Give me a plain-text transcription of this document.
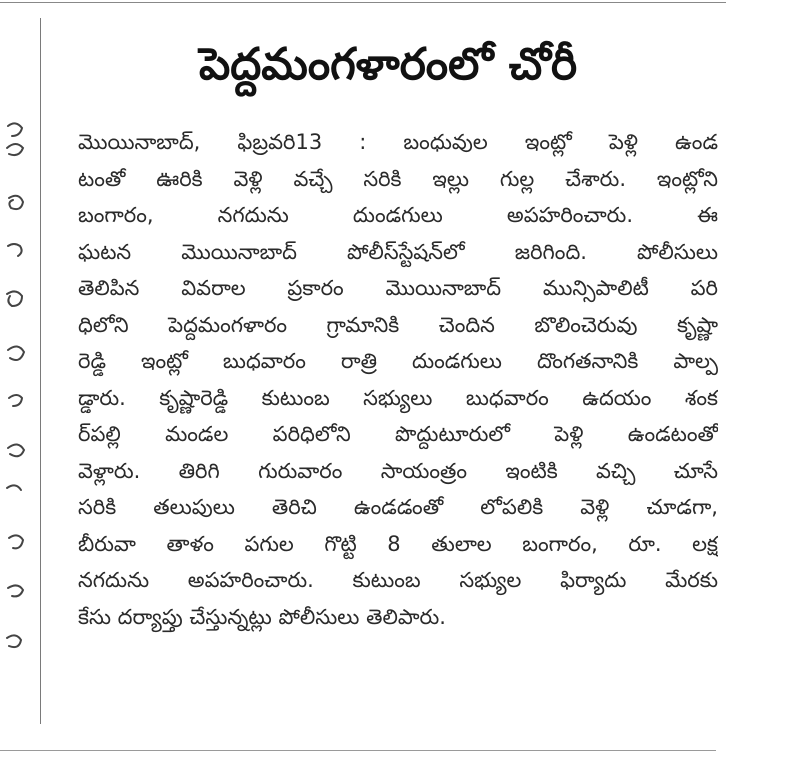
పెద్దమంగళారంలో చోరీ
మొయినాబాద్, ఫిబ్రవరి13 : బంధువుల ఇంట్లో పెళ్లి ఉండ
టంతో ఊరికి వెళ్లి వచ్చే సరికి ఇల్లు గుల్ల చేశారు. ఇంట్లోని
బంగారం, నగదును దుండగులు అపహరించారు. ఈ
ఘటన మొయినాబాద్ పోలీస్‌స్టేషన్‌లో జరిగింది. పోలీసులు
తెలిపిన వివరాల ప్రకారం మొయినాబాద్ మున్సిపాలిటీ పరి
ధిలోని పెద్దమంగళారం గ్రామానికి చెందిన బొలించెరువు కృష్ణా
రెడ్డి ఇంట్లో బుధవారం రాత్రి దుండగులు దొంగతనానికి పాల్ప
డ్డారు. కృష్ణారెడ్డి కుటుంబ సభ్యులు బుధవారం ఉదయం శంక
ర్‌పల్లి మండల పరిధిలోని పొద్దుటూరులో పెళ్లి ఉండటంతో
వెళ్లారు. తిరిగి గురువారం సాయంత్రం ఇంటికి వచ్చి చూసే
సరికి తలుపులు తెరిచి ఉండడంతో లోపలికి వెళ్లి చూడగా,
బీరువా తాళం పగుల గొట్టి 8 తులాల బంగారం, రూ. లక్ష
నగదును అపహరించారు. కుటుంబ సభ్యుల ఫిర్యాదు మేరకు
కేసు దర్యాప్తు చేస్తున్నట్లు పోలీసులు తెలిపారు.
